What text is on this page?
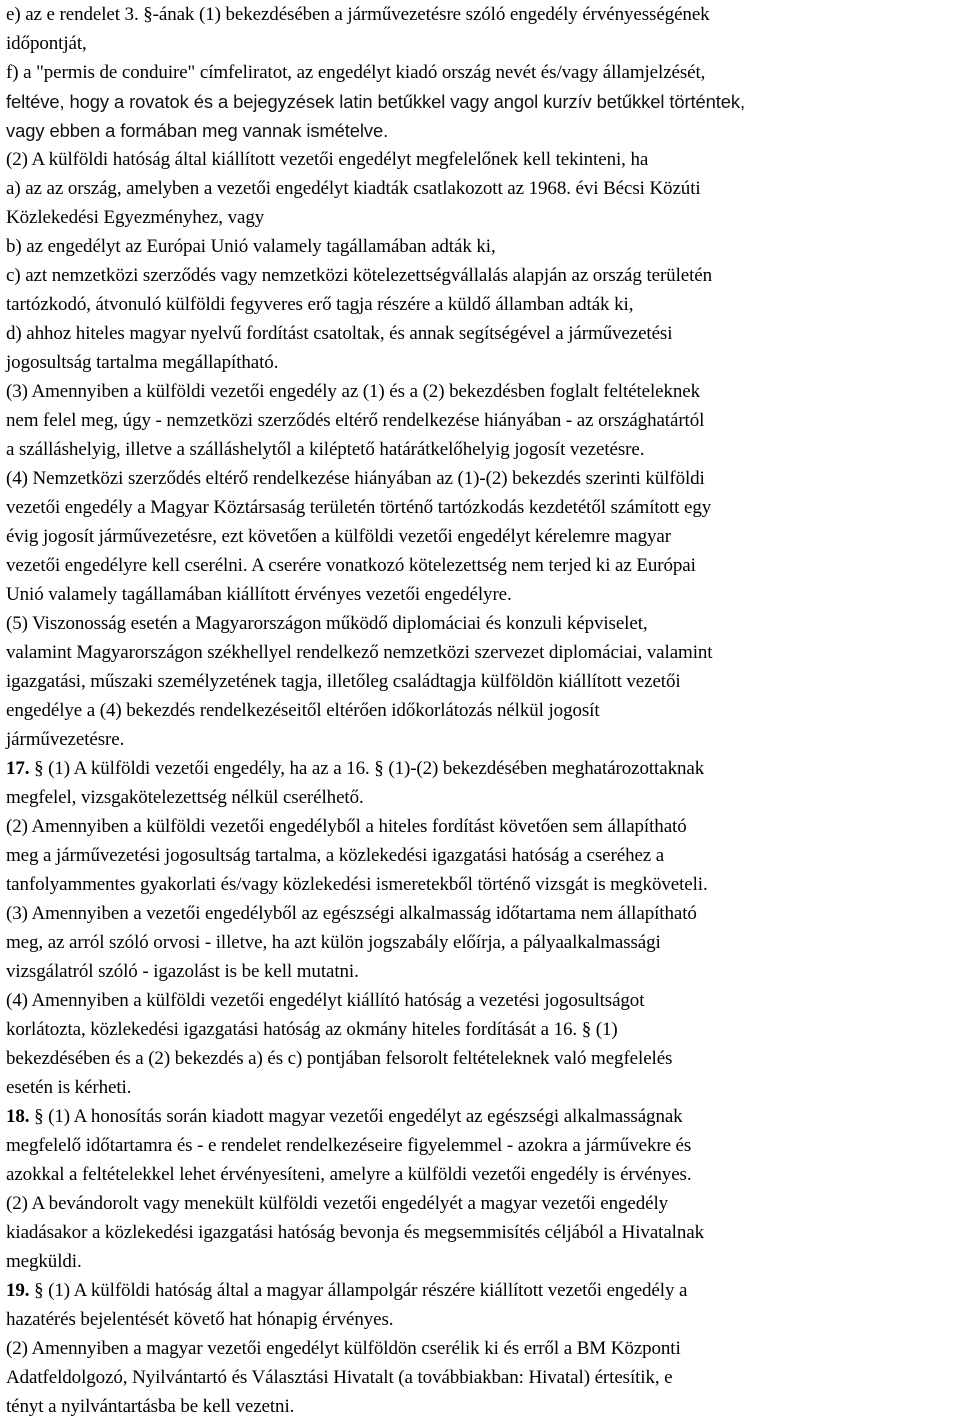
e) az e rendelet 3. §-ának (1) bekezdésében a járművezetésre szóló engedély érvényességének
időpontját,
f) a "permis de conduire" címfeliratot, az engedélyt kiadó ország nevét és/vagy államjelzését,
feltéve, hogy a rovatok és a bejegyzések latin betűkkel vagy angol kurzív betűkkel történtek,
vagy ebben a formában meg vannak ismételve.
(2) A külföldi hatóság által kiállított vezetői engedélyt megfelelőnek kell tekinteni, ha
a) az az ország, amelyben a vezetői engedélyt kiadták csatlakozott az 1968. évi Bécsi Közúti
Közlekedési Egyezményhez, vagy
b) az engedélyt az Európai Unió valamely tagállamában adták ki,
c) azt nemzetközi szerződés vagy nemzetközi kötelezettségvállalás alapján az ország területén
tartózkodó, átvonuló külföldi fegyveres erő tagja részére a küldő államban adták ki,
d) ahhoz hiteles magyar nyelvű fordítást csatoltak, és annak segítségével a járművezetési
jogosultság tartalma megállapítható.
(3) Amennyiben a külföldi vezetői engedély az (1) és a (2) bekezdésben foglalt feltételeknek
nem felel meg, úgy - nemzetközi szerződés eltérő rendelkezése hiányában - az országhatártól
a szálláshelyig, illetve a szálláshelytől a kiléptető határátkelőhelyig jogosít vezetésre.
(4) Nemzetközi szerződés eltérő rendelkezése hiányában az (1)-(2) bekezdés szerinti külföldi
vezetői engedély a Magyar Köztársaság területén történő tartózkodás kezdetétől számított egy
évig jogosít járművezetésre, ezt követően a külföldi vezetői engedélyt kérelemre magyar
vezetői engedélyre kell cserélni. A cserére vonatkozó kötelezettség nem terjed ki az Európai
Unió valamely tagállamában kiállított érvényes vezetői engedélyre.
(5) Viszonosság esetén a Magyarországon működő diplomáciai és konzuli képviselet,
valamint Magyarországon székhellyel rendelkező nemzetközi szervezet diplomáciai, valamint
igazgatási, műszaki személyzetének tagja, illetőleg családtagja külföldön kiállított vezetői
engedélye a (4) bekezdés rendelkezéseitől eltérően időkorlátozás nélkül jogosít
járművezetésre.
17. § (1) A külföldi vezetői engedély, ha az a 16. § (1)-(2) bekezdésében meghatározottaknak
megfelel, vizsgakötelezettség nélkül cserélhető.
(2) Amennyiben a külföldi vezetői engedélyből a hiteles fordítást követően sem állapítható
meg a járművezetési jogosultság tartalma, a közlekedési igazgatási hatóság a cseréhez a
tanfolyammentes gyakorlati és/vagy közlekedési ismeretekből történő vizsgát is megköveteli.
(3) Amennyiben a vezetői engedélyből az egészségi alkalmasság időtartama nem állapítható
meg, az arról szóló orvosi - illetve, ha azt külön jogszabály előírja, a pályaalkalmassági
vizsgálatról szóló - igazolást is be kell mutatni.
(4) Amennyiben a külföldi vezetői engedélyt kiállító hatóság a vezetési jogosultságot
korlátozta, közlekedési igazgatási hatóság az okmány hiteles fordítását a 16. § (1)
bekezdésében és a (2) bekezdés a) és c) pontjában felsorolt feltételeknek való megfelelés
esetén is kérheti.
18. § (1) A honosítás során kiadott magyar vezetői engedélyt az egészségi alkalmasságnak
megfelelő időtartamra és - e rendelet rendelkezéseire figyelemmel - azokra a járművekre és
azokkal a feltételekkel lehet érvényesíteni, amelyre a külföldi vezetői engedély is érvényes.
(2) A bevándorolt vagy menekült külföldi vezetői engedélyét a magyar vezetői engedély
kiadásakor a közlekedési igazgatási hatóság bevonja és megsemmisítés céljából a Hivatalnak
megküldi.
19. § (1) A külföldi hatóság által a magyar állampolgár részére kiállított vezetői engedély a
hazatérés bejelentését követő hat hónapig érvényes.
(2) Amennyiben a magyar vezetői engedélyt külföldön cserélik ki és erről a BM Központi
Adatfeldolgozó, Nyilvántartó és Választási Hivatalt (a továbbiakban: Hivatal) értesítik, e
tényt a nyilvántartásba be kell vezetni.
